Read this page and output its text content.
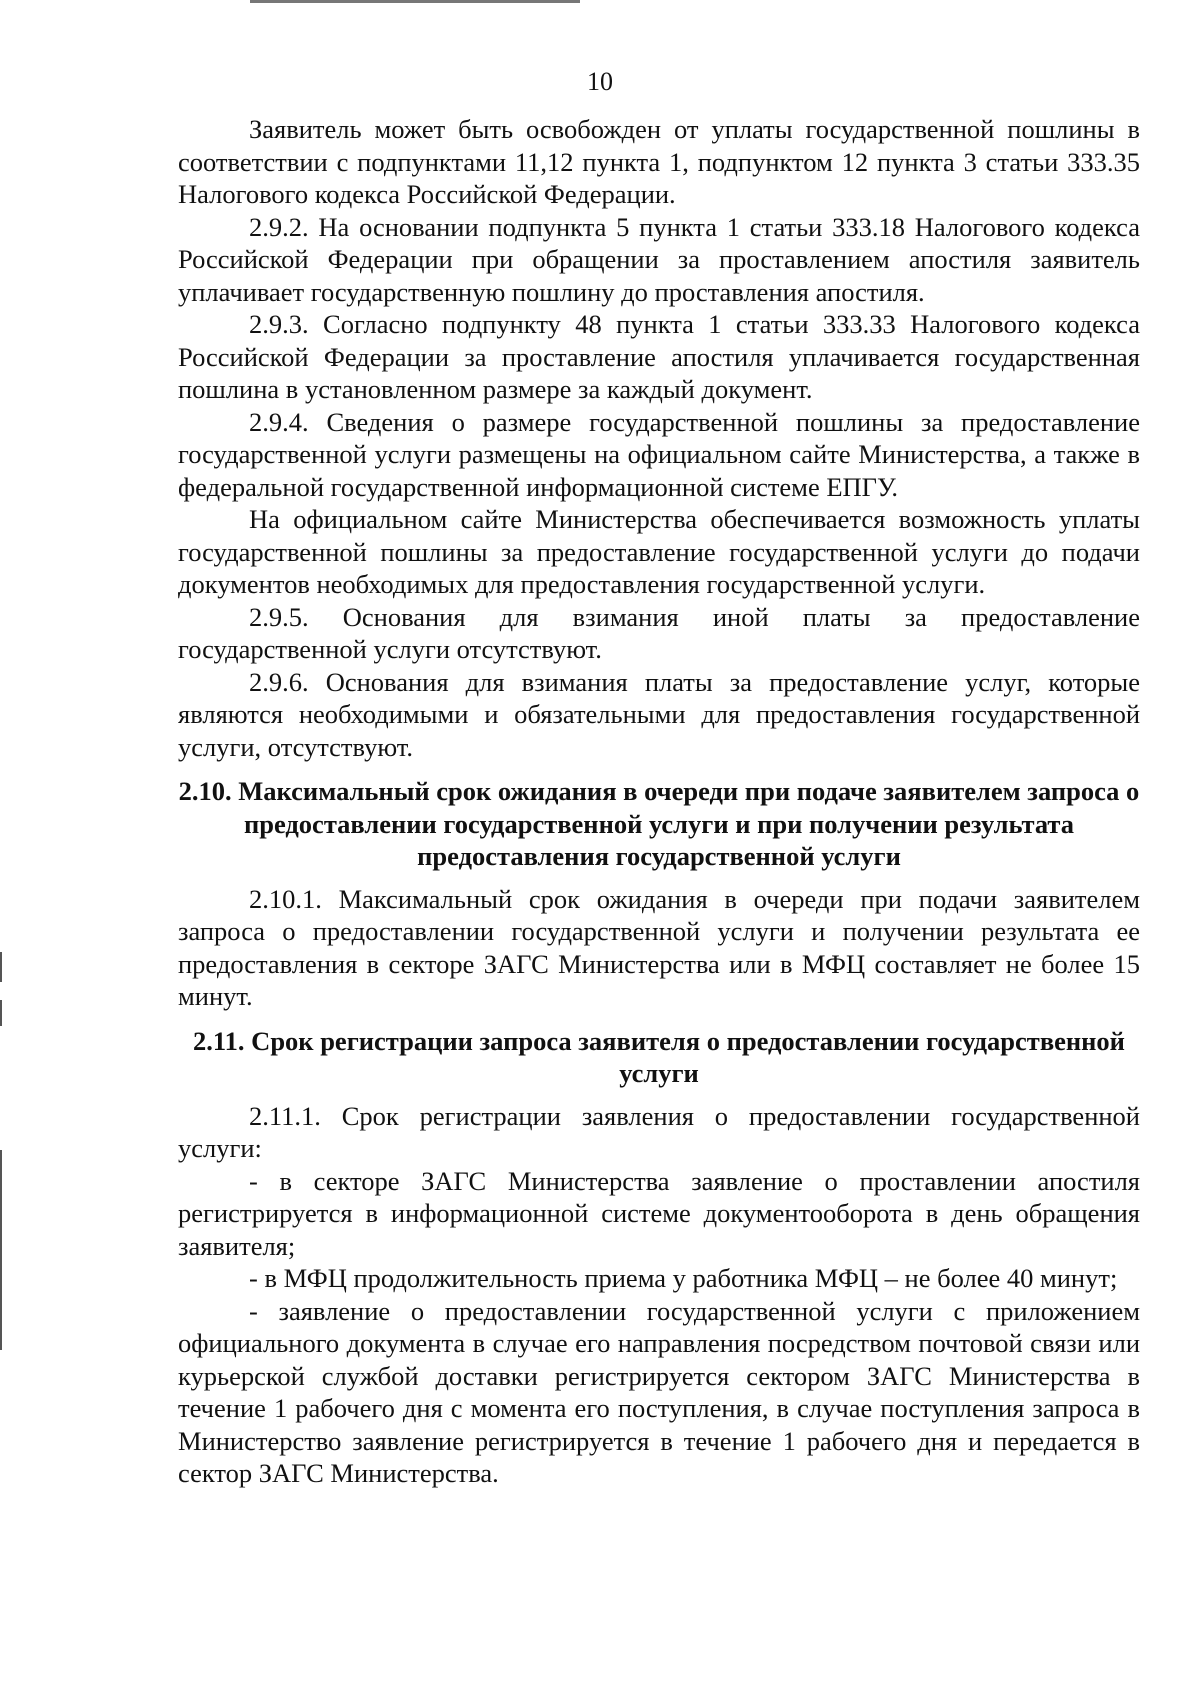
10

Заявитель может быть освобожден от уплаты государственной пошлины в соответствии с подпунктами 11,12 пункта 1, подпунктом 12 пункта 3 статьи 333.35 Налогового кодекса Российской Федерации.

2.9.2. На основании подпункта 5 пункта 1 статьи 333.18 Налогового кодекса Российской Федерации при обращении за проставлением апостиля заявитель уплачивает государственную пошлину до проставления апостиля.

2.9.3. Согласно подпункту 48 пункта 1 статьи 333.33 Налогового кодекса Российской Федерации за проставление апостиля уплачивается государственная пошлина в установленном размере за каждый документ.

2.9.4. Сведения о размере государственной пошлины за предоставление государственной услуги размещены на официальном сайте Министерства, а также в федеральной государственной информационной системе ЕПГУ.

На официальном сайте Министерства обеспечивается возможность уплаты государственной пошлины за предоставление государственной услуги до подачи документов необходимых для предоставления государственной услуги.

2.9.5. Основания для взимания иной платы за предоставление государственной услуги отсутствуют.

2.9.6. Основания для взимания платы за предоставление услуг, которые являются необходимыми и обязательными для предоставления государственной услуги, отсутствуют.

2.10. Максимальный срок ожидания в очереди при подаче заявителем запроса о предоставлении государственной услуги и при получении результата предоставления государственной услуги

2.10.1. Максимальный срок ожидания в очереди при подачи заявителем запроса о предоставлении государственной услуги и получении результата ее предоставления в секторе ЗАГС Министерства или в МФЦ составляет не более 15 минут.

2.11. Срок регистрации запроса заявителя о предоставлении государственной услуги

2.11.1. Срок регистрации заявления о предоставлении государственной услуги:

- в секторе ЗАГС Министерства заявление о проставлении апостиля регистрируется в информационной системе документооборота в день обращения заявителя;

- в МФЦ продолжительность приема у работника МФЦ – не более 40 минут;

- заявление о предоставлении государственной услуги с приложением официального документа в случае его направления посредством почтовой связи или курьерской службой доставки регистрируется сектором ЗАГС Министерства в течение 1 рабочего дня с момента его поступления, в случае поступления запроса в Министерство заявление регистрируется в течение 1 рабочего дня и передается в сектор ЗАГС Министерства.
